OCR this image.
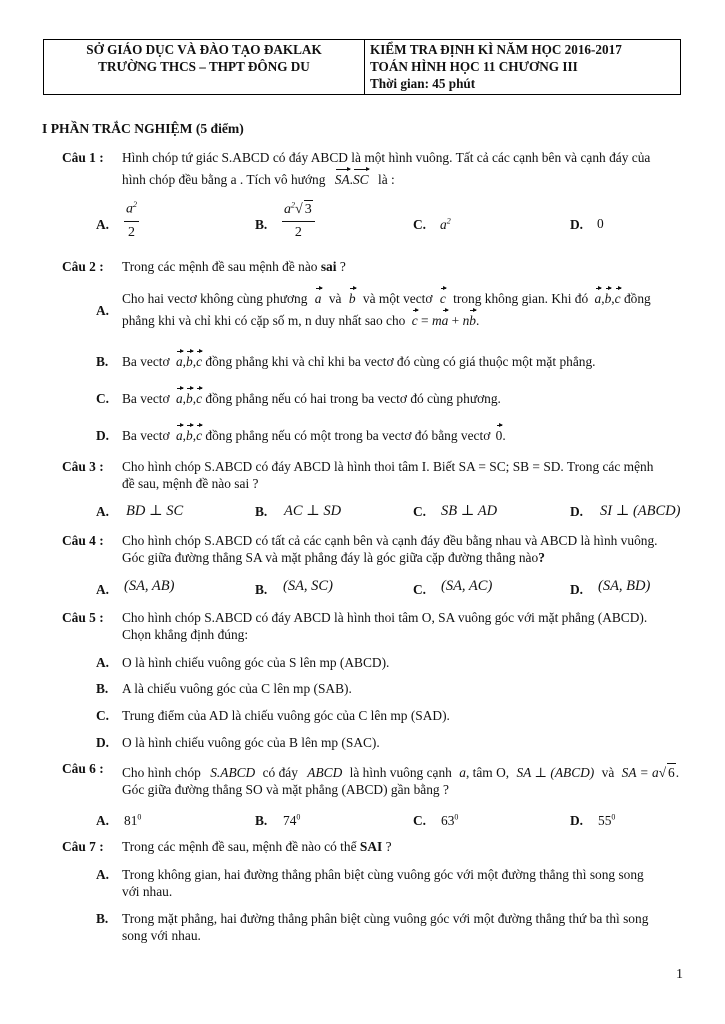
SỞ GIÁO DỤC VÀ ĐÀO TẠO ĐAKLAK
TRƯỜNG THCS – THPT ĐÔNG DU
KIỂM TRA ĐỊNH KÌ NĂM HỌC 2016-2017
TOÁN HÌNH HỌC 11 CHƯƠNG III
Thời gian: 45 phút
I PHẦN TRẮC NGHIỆM (5 điểm)
Câu 1 : Hình chóp tứ giác S.ABCD có đáy ABCD là một hình vuông. Tất cả các cạnh bên và cạnh đáy của
hình chóp đều bằng a . Tích vô hướng SA.SC là :
A. $\frac{a^2}{2}$	B. $\frac{a^2√ 3}{2}$	C. $a^2$	D. 0
Câu 2 : Trong các mệnh đề sau mệnh đề nào sai ?
A.
Cho hai vectơ không cùng phương a và b và một vectơ c trong không gian. Khi đó a,b,c đồng
phẳng khi và chỉ khi có cặp số m, n duy nhất sao cho c = ma + nb.
B. Ba vectơ a,b,c đồng phẳng khi và chỉ khi ba vectơ đó cùng có giá thuộc một mặt phẳng.
C. Ba vectơ a,b,c đồng phẳng nếu có hai trong ba vectơ đó cùng phương.
D. Ba vectơ a,b,c đồng phẳng nếu có một trong ba vectơ đó bằng vectơ 0.
Câu 3 : Cho hình chóp S.ABCD có đáy ABCD là hình thoi tâm I. Biết SA = SC; SB = SD. Trong các mệnh
đề sau, mệnh đề nào sai ?
A. BD ⊥ SC	B. AC ⊥ SD	C. SB ⊥ AD	D. SI ⊥ (ABCD)
Câu 4 : Cho hình chóp S.ABCD có tất cả các cạnh bên và cạnh đáy đều bằng nhau và ABCD là hình vuông.
Góc giữa đường thẳng SA và mặt phẳng đáy là góc giữa cặp đường thẳng nào?
A. (SA, AB)	B. (SA, SC)	C. (SA, AC)	D. (SA, BD)
Câu 5 : Cho hình chóp S.ABCD có đáy ABCD là hình thoi tâm O, SA vuông góc với mặt phẳng (ABCD).
Chọn khẳng định đúng:
A. O là hình chiếu vuông góc của S lên mp (ABCD).
B. A là chiếu vuông góc của C lên mp (SAB).
C. Trung điểm của AD là chiếu vuông góc của C lên mp (SAD).
D. O là hình chiếu vuông góc của B lên mp (SAC).
Câu 6 : Cho hình chóp S.ABCD có đáy ABCD là hình vuông cạnh a, tâm O, SA ⊥ (ABCD) và SA = a√ 6.
Góc giữa đường thẳng SO và mặt phẳng (ABCD) gần bằng ?
A. $81^0$	B. $74^0$	C. $63^0$	D. $55^0$
Câu 7 : Trong các mệnh đề sau, mệnh đề nào có thể SAI ?
A. Trong không gian, hai đường thẳng phân biệt cùng vuông góc với một đường thẳng thì song song
với nhau.
B. Trong mặt phẳng, hai đường thẳng phân biệt cùng vuông góc với một đường thẳng thứ ba thì song
song với nhau.
1
